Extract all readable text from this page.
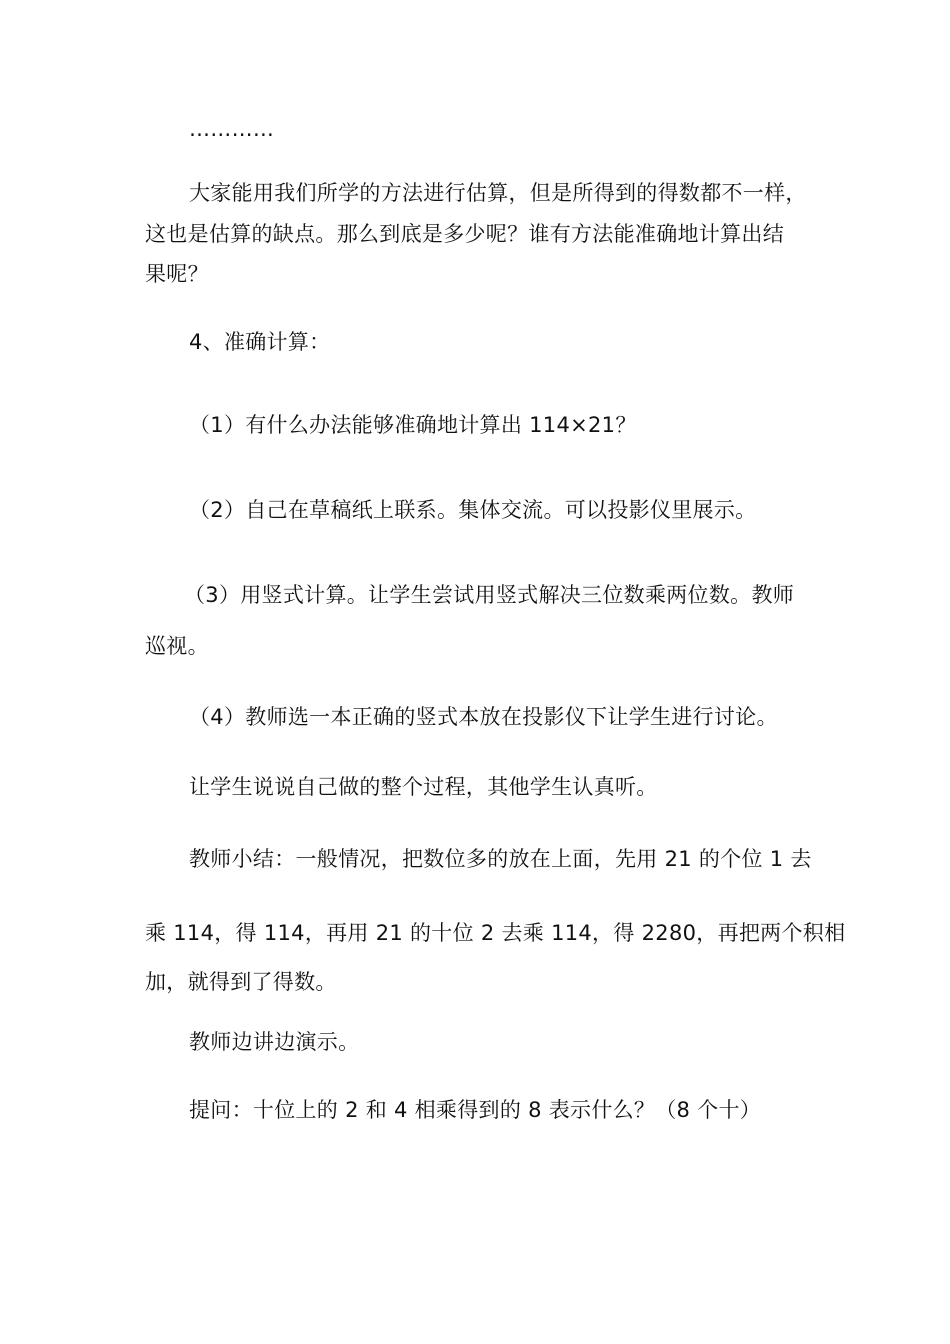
…………
大家能用我们所学的方法进行估算，但是所得到的得数都不一样，
这也是估算的缺点。那么到底是多少呢？谁有方法能准确地计算出结
果呢？
4、准确计算：
（1）有什么办法能够准确地计算出 114×21？
（2）自己在草稿纸上联系。集体交流。可以投影仪里展示。
（3）用竖式计算。让学生尝试用竖式解决三位数乘两位数。教师
巡视。
（4）教师选一本正确的竖式本放在投影仪下让学生进行讨论。
让学生说说自己做的整个过程，其他学生认真听。
教师小结：一般情况，把数位多的放在上面，先用 21 的个位 1 去
乘 114，得 114，再用 21 的十位 2 去乘 114，得 2280，再把两个积相
加，就得到了得数。
教师边讲边演示。
提问：十位上的 2 和 4 相乘得到的 8 表示什么？（8 个十）
